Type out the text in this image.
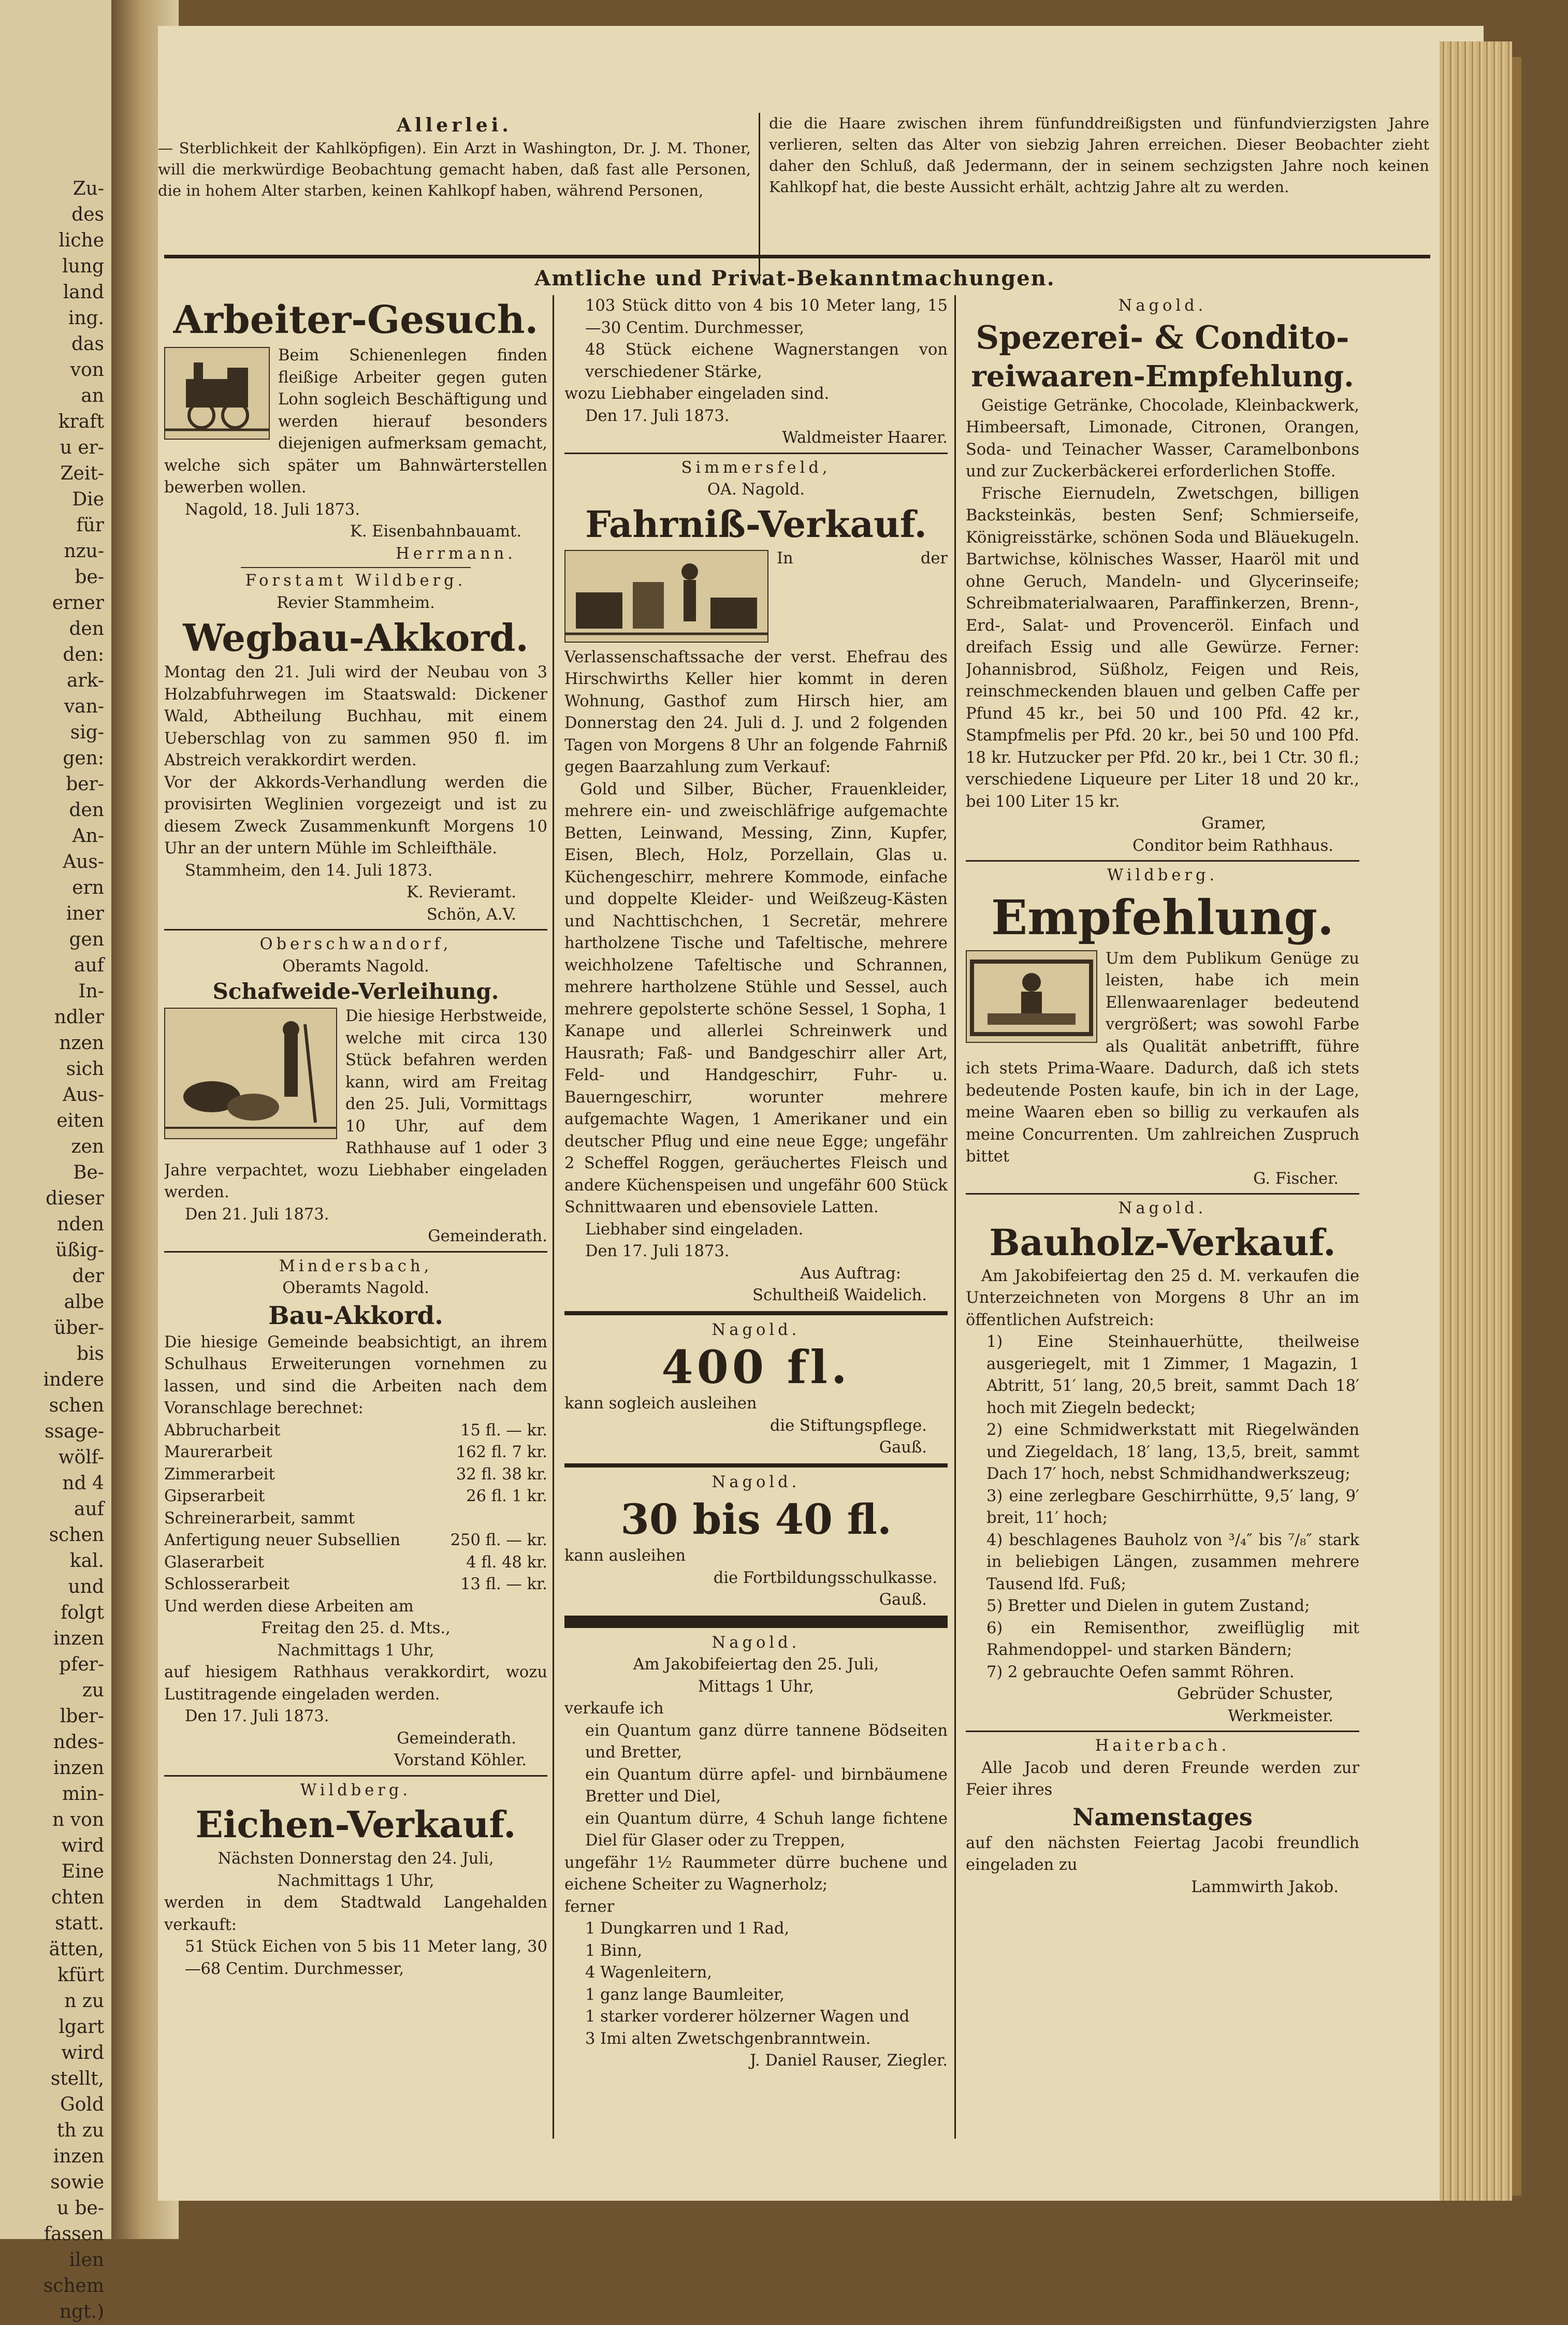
Zu-
des
liche
lung
land
ing.
das
von
an
kraft
u er-
Zeit-
Die
für
nzu-
be-
erner
den
den:
ark-
van-
sig-
gen:
ber-
den
An-
Aus-
ern
iner
gen
auf
In-
ndler
nzen
sich
Aus-
eiten
zen
Be-
dieser
nden
üßig-
der
albe
über-
bis
indere
schen
ssage-
wölf-
nd 4
auf
schen
kal.
und
folgt
inzen
pfer-
zu
lber-
ndes-
inzen
min-
n von
wird
Eine
chten
statt.
ätten,
kfürt
n zu
lgart
wird
stellt,
Gold
th zu
inzen
sowie
u be-
fassen
ilen
schem
ngt.)
Allerlei.
— Sterblichkeit der Kahlköpfigen). Ein Arzt in Washington, Dr. J. M. Thoner, will die merkwürdige Beobachtung gemacht haben, daß fast alle Personen, die in hohem Alter starben, keinen Kahlkopf haben, während Personen,
die die Haare zwischen ihrem fünfunddreißigsten und fünfundvierzigsten Jahre verlieren, selten das Alter von siebzig Jahren erreichen. Dieser Beobachter zieht daher den Schluß, daß Jedermann, der in seinem sechzigsten Jahre noch keinen Kahlkopf hat, die beste Aussicht erhält, achtzig Jahre alt zu werden.
Amtliche und Privat-Bekanntmachungen.
Arbeiter-Gesuch.
Beim Schienenlegen finden fleißige Arbeiter gegen guten Lohn sogleich Beschäftigung und werden hierauf besonders diejenigen aufmerksam gemacht, welche sich später um Bahnwärterstellen bewerben wollen.
Nagold, 18. Juli 1873.
K. Eisenbahnbauamt.
Herrmann.
Forstamt Wildberg.
Revier Stammheim.
Wegbau-Akkord.
Montag den 21. Juli wird der Neubau von 3 Holzabfuhrwegen im Staatswald: Dickener Wald, Abtheilung Buchhau, mit einem Ueberschlag von zu sammen 950 fl. im Abstreich verakkordirt werden.
Vor der Akkords-Verhandlung werden die provisirten Weglinien vorgezeigt und ist zu diesem Zweck Zusammenkunft Morgens 10 Uhr an der untern Mühle im Schleifthäle.
Stammheim, den 14. Juli 1873.
K. Revieramt.
Schön, A.V.
Oberschwandorf,
Oberamts Nagold.
Schafweide-Verleihung.
Die hiesige Herbstweide, welche mit circa 130 Stück befahren werden kann, wird am Freitag den 25. Juli, Vormittags 10 Uhr, auf dem Rathhause auf 1 oder 3 Jahre verpachtet, wozu Liebhaber eingeladen werden.
Den 21. Juli 1873.
Gemeinderath.
Mindersbach,
Oberamts Nagold.
Bau-Akkord.
Die hiesige Gemeinde beabsichtigt, an ihrem Schulhaus Erweiterungen vornehmen zu lassen, und sind die Arbeiten nach dem Voranschlage berechnet:
Abbrucharbeit	15 fl. — kr.
Maurerarbeit	162 fl. 7 kr.
Zimmerarbeit	32 fl. 38 kr.
Gipserarbeit	26 fl. 1 kr.
Schreinerarbeit, sammt Anfertigung neuer Subsellien	250 fl. — kr.
Glaserarbeit	4 fl. 48 kr.
Schlosserarbeit	13 fl. — kr.
Und werden diese Arbeiten am
Freitag den 25. d. Mts.,
Nachmittags 1 Uhr,
auf hiesigem Rathhaus verakkordirt, wozu Lustitragende eingeladen werden.
Den 17. Juli 1873.
Gemeinderath.
Vorstand Köhler.
Wildberg.
Eichen-Verkauf.
Nächsten Donnerstag den 24. Juli,
Nachmittags 1 Uhr,
werden in dem Stadtwald Langehalden verkauft:
51 Stück Eichen von 5 bis 11 Meter lang, 30—68 Centim. Durchmesser,
103 Stück ditto von 4 bis 10 Meter lang, 15—30 Centim. Durchmesser,
48 Stück eichene Wagnerstangen von verschiedener Stärke,
wozu Liebhaber eingeladen sind.
Den 17. Juli 1873.
Waldmeister Haarer.
Simmersfeld,
OA. Nagold.
Fahrniß-Verkauf.
In der Verlassenschaftssache der verst. Ehefrau des Hirschwirths Keller hier kommt in deren Wohnung, Gasthof zum Hirsch hier, am Donnerstag den 24. Juli d. J. und 2 folgenden Tagen von Morgens 8 Uhr an folgende Fahrniß gegen Baarzahlung zum Verkauf:
Gold und Silber, Bücher, Frauenkleider, mehrere ein- und zweischläfrige aufgemachte Betten, Leinwand, Messing, Zinn, Kupfer, Eisen, Blech, Holz, Porzellain, Glas u. Küchengeschirr, mehrere Kommode, einfache und doppelte Kleider- und Weißzeug-Kästen und Nachttischchen, 1 Secretär, mehrere hartholzene Tische und Tafeltische, mehrere weichholzene Tafeltische und Schrannen, mehrere hartholzene Stühle und Sessel, auch mehrere gepolsterte schöne Sessel, 1 Sopha, 1 Kanape und allerlei Schreinwerk und Hausrath; Faß- und Bandgeschirr aller Art, Feld- und Handgeschirr, Fuhr- u. Bauerngeschirr, worunter mehrere aufgemachte Wagen, 1 Amerikaner und ein deutscher Pflug und eine neue Egge; ungefähr 2 Scheffel Roggen, geräuchertes Fleisch und andere Küchenspeisen und ungefähr 600 Stück Schnittwaaren und ebensoviele Latten.
Liebhaber sind eingeladen.
Den 17. Juli 1873.
Aus Auftrag:
Schultheiß Waidelich.
Nagold.
400 fl.
kann sogleich ausleihen
die Stiftungspflege.
Gauß.
Nagold.
30 bis 40 fl.
kann ausleihen
die Fortbildungsschulkasse.
Gauß.
Nagold.
Am Jakobifeiertag den 25. Juli,
Mittags 1 Uhr,
verkaufe ich
ein Quantum ganz dürre tannene Bödseiten und Bretter,
ein Quantum dürre apfel- und birnbäumene Bretter und Diel,
ein Quantum dürre, 4 Schuh lange fichtene Diel für Glaser oder zu Treppen,
ungefähr 1½ Raummeter dürre buchene und eichene Scheiter zu Wagnerholz;
ferner
1 Dungkarren und 1 Rad,
1 Binn,
4 Wagenleitern,
1 ganz lange Baumleiter,
1 starker vorderer hölzerner Wagen und
3 Imi alten Zwetschgenbranntwein.
J. Daniel Rauser, Ziegler.
Nagold.
Spezerei- & Condito-
reiwaaren-Empfehlung.
Geistige Getränke, Chocolade, Kleinbackwerk, Himbeersaft, Limonade, Citronen, Orangen, Soda- und Teinacher Wasser, Caramelbonbons und zur Zuckerbäckerei erforderlichen Stoffe.
Frische Eiernudeln, Zwetschgen, billigen Backsteinkäs, besten Senf; Schmierseife, Königreisstärke, schönen Soda und Bläuekugeln. Bartwichse, kölnisches Wasser, Haaröl mit und ohne Geruch, Mandeln- und Glycerinseife; Schreibmaterialwaaren, Paraffinkerzen, Brenn-, Erd-, Salat- und Provenceröl. Einfach und dreifach Essig und alle Gewürze. Ferner: Johannisbrod, Süßholz, Feigen und Reis, reinschmeckenden blauen und gelben Caffe per Pfund 45 kr., bei 50 und 100 Pfd. 42 kr., Stampfmelis per Pfd. 20 kr., bei 50 und 100 Pfd. 18 kr. Hutzucker per Pfd. 20 kr., bei 1 Ctr. 30 fl.; verschiedene Liqueure per Liter 18 und 20 kr., bei 100 Liter 15 kr.
Gramer,
Conditor beim Rathhaus.
Wildberg.
Empfehlung.
Um dem Publikum Genüge zu leisten, habe ich mein Ellenwaarenlager bedeutend vergrößert; was sowohl Farbe als Qualität anbetrifft, führe ich stets Prima-Waare. Dadurch, daß ich stets bedeutende Posten kaufe, bin ich in der Lage, meine Waaren eben so billig zu verkaufen als meine Concurrenten. Um zahlreichen Zuspruch bittet
G. Fischer.
Nagold.
Bauholz-Verkauf.
Am Jakobifeiertag den 25 d. M. verkaufen die Unterzeichneten von Morgens 8 Uhr an im öffentlichen Aufstreich:
1) Eine Steinhauerhütte, theilweise ausgeriegelt, mit 1 Zimmer, 1 Magazin, 1 Abtritt, 51′ lang, 20,5 breit, sammt Dach 18′ hoch mit Ziegeln bedeckt;
2) eine Schmidwerkstatt mit Riegelwänden und Ziegeldach, 18′ lang, 13,5, breit, sammt Dach 17′ hoch, nebst Schmidhandwerkszeug;
3) eine zerlegbare Geschirrhütte, 9,5′ lang, 9′ breit, 11′ hoch;
4) beschlagenes Bauholz von ³/₄″ bis ⁷/₈″ stark in beliebigen Längen, zusammen mehrere Tausend lfd. Fuß;
5) Bretter und Dielen in gutem Zustand;
6) ein Remisenthor, zweiflüglig mit Rahmendoppel- und starken Bändern;
7) 2 gebrauchte Oefen sammt Röhren.
Gebrüder Schuster,
Werkmeister.
Haiterbach.
Alle Jacob und deren Freunde werden zur Feier ihres
Namenstages
auf den nächsten Feiertag Jacobi freundlich eingeladen zu
Lammwirth Jakob.
